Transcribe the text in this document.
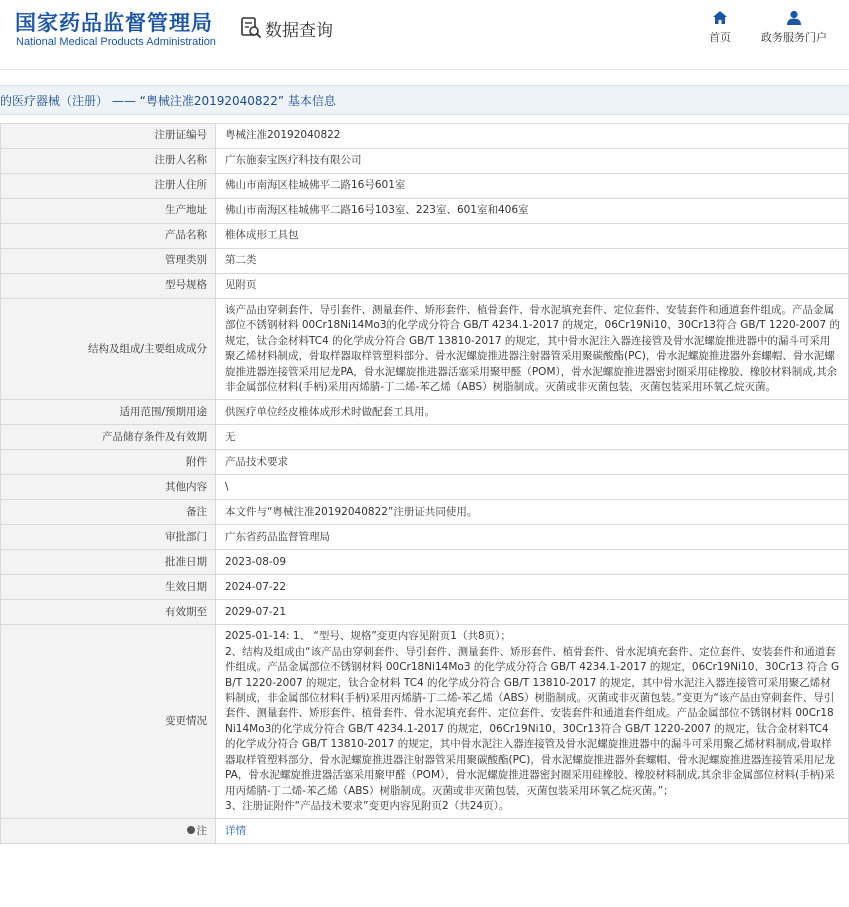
国家药品监督管理局
National Medical Products Administration
数据查询	首页	政务服务门户
的医疗器械（注册） —— “粤械注准20192040822” 基本信息
注册证编号	粤械注准20192040822
注册人名称	广东施泰宝医疗科技有限公司
注册人住所	佛山市南海区桂城佛平二路16号601室
生产地址	佛山市南海区桂城佛平二路16号103室、223室、601室和406室
产品名称	椎体成形工具包
管理类别	第二类
型号规格	见附页
结构及组成/主要组成成分	该产品由穿刺套件、导引套件、测量套件、矫形套件、植骨套件、骨水泥填充套件、定位套件、安装套件和通道套件组成。产品金属部位不锈钢材料 00Cr18Ni14Mo3的化学成分符合 GB/T 4234.1-2017 的规定，06Cr19Ni10、30Cr13符合 GB/T 1220-2007 的规定，钛合金材料TC4 的化学成分符合 GB/T 13810-2017 的规定，其中骨水泥注入器连接管及骨水泥螺旋推进器中的漏斗可采用聚乙烯材料制成，骨取样器取样管塑料部分、骨水泥螺旋推进器注射器管采用聚碳酸酯(PC)，骨水泥螺旋推进器外套螺帽、骨水泥螺旋推进器连接管采用尼龙PA，骨水泥螺旋推进器活塞采用聚甲醛（POM），骨水泥螺旋推进器密封圈采用硅橡胶、橡胶材料制成,其余非金属部位材料(手柄)采用丙烯腈-丁二烯-苯乙烯（ABS）树脂制成。灭菌或非灭菌包装，灭菌包装采用环氧乙烷灭菌。
适用范围/预期用途	供医疗单位经皮椎体成形术时做配套工具用。
产品储存条件及有效期	无
附件	产品技术要求
其他内容	\
备注	本文件与“粤械注准20192040822”注册证共同使用。
审批部门	广东省药品监督管理局
批准日期	2023-08-09
生效日期	2024-07-22
有效期至	2029-07-21
变更情况	2025-01-14: 1、 “型号、规格”变更内容见附页1（共8页）；
2、结构及组成由“该产品由穿刺套件、导引套件、测量套件、矫形套件、植骨套件、骨水泥填充套件、定位套件、安装套件和通道套件组成。产品金属部位不锈钢材料 00Cr18Ni14Mo3 的化学成分符合 GB/T 4234.1-2017 的规定，06Cr19Ni10、30Cr13 符合 GB/T 1220-2007 的规定，钛合金材料 TC4 的化学成分符合 GB/T 13810-2017 的规定，其中骨水泥注入器连接管可采用聚乙烯材料制成，非金属部位材料(手柄)采用丙烯腈-丁二烯-苯乙烯（ABS）树脂制成。灭菌或非灭菌包装。”变更为“该产品由穿刺套件、导引套件、测量套件、矫形套件、植骨套件、骨水泥填充套件、定位套件、安装套件和通道套件组成。产品金属部位不锈钢材料 00Cr18Ni14Mo3的化学成分符合 GB/T 4234.1-2017 的规定，06Cr19Ni10、30Cr13符合 GB/T 1220-2007 的规定，钛合金材料TC4 的化学成分符合 GB/T 13810-2017 的规定，其中骨水泥注入器连接管及骨水泥螺旋推进器中的漏斗可采用聚乙烯材料制成,骨取样器取样管塑料部分、骨水泥螺旋推进器注射器管采用聚碳酸酯(PC)，骨水泥螺旋推进器外套螺帽、骨水泥螺旋推进器连接管采用尼龙PA，骨水泥螺旋推进器活塞采用聚甲醛（POM），骨水泥螺旋推进器密封圈采用硅橡胶、橡胶材料制成,其余非金属部位材料(手柄)采用丙烯腈-丁二烯-苯乙烯（ABS）树脂制成。灭菌或非灭菌包装，灭菌包装采用环氧乙烷灭菌。”；
3、注册证附件“产品技术要求”变更内容见附页2（共24页）。

注	详情
